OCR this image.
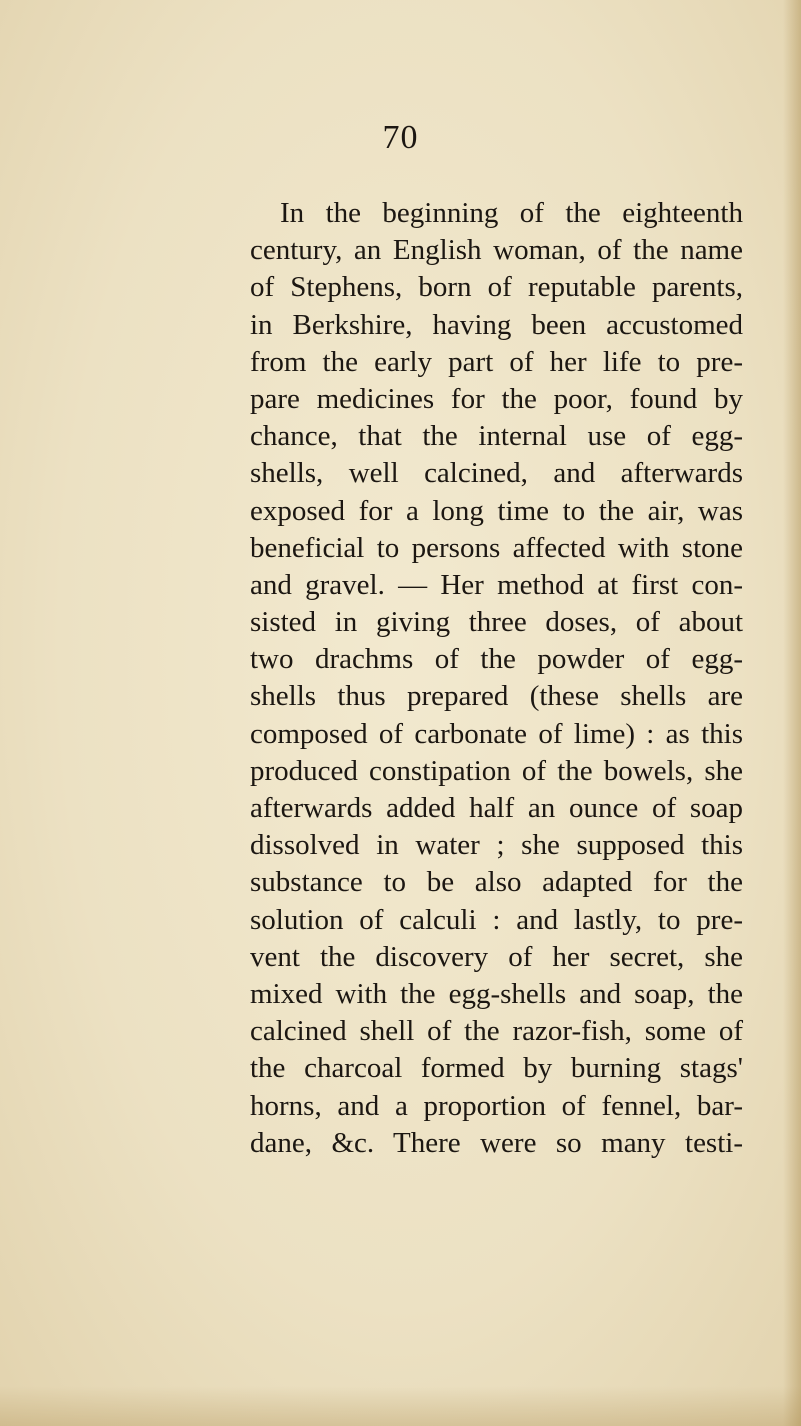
70
In the beginning of the eighteenth
century, an English woman, of the name
of Stephens, born of reputable parents,
in Berkshire, having been accustomed
from the early part of her life to pre-
pare medicines for the poor, found by
chance, that the internal use of egg-
shells, well calcined, and afterwards
exposed for a long time to the air, was
beneficial to persons affected with stone
and gravel. — Her method at first con-
sisted in giving three doses, of about
two drachms of the powder of egg-
shells thus prepared (these shells are
composed of carbonate of lime) : as this
produced constipation of the bowels, she
afterwards added half an ounce of soap
dissolved in water ; she supposed this
substance to be also adapted for the
solution of calculi : and lastly, to pre-
vent the discovery of her secret, she
mixed with the egg-shells and soap, the
calcined shell of the razor-fish, some of
the charcoal formed by burning stags'
horns, and a proportion of fennel, bar-
dane, &c. There were so many testi-
